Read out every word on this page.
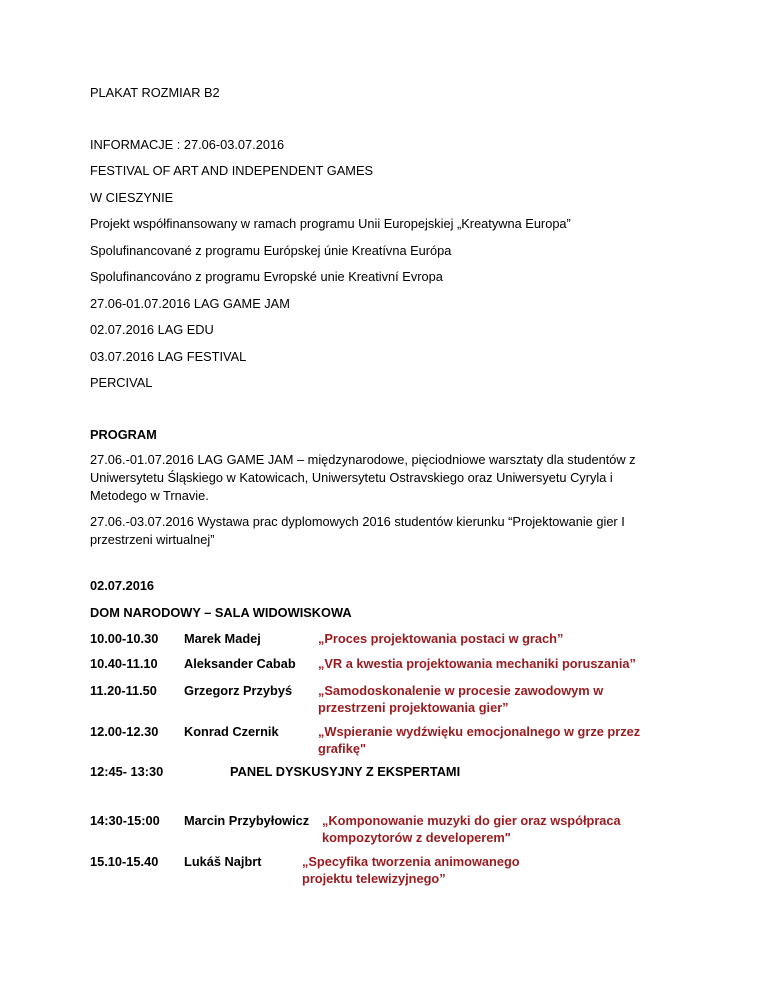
PLAKAT ROZMIAR B2
INFORMACJE : 27.06-03.07.2016
FESTIVAL OF ART AND INDEPENDENT GAMES
W CIESZYNIE
Projekt współfinansowany w ramach programu Unii Europejskiej „Kreatywna Europa”
Spolufinancované z programu Európskej únie Kreatívna Európa
Spolufinancováno z programu Evropské unie Kreativní Evropa
27.06-01.07.2016 LAG GAME JAM
02.07.2016 LAG EDU
03.07.2016 LAG FESTIVAL
PERCIVAL
PROGRAM
27.06.-01.07.2016 LAG GAME JAM – międzynarodowe, pięciodniowe warsztaty dla studentów z Uniwersytetu Śląskiego w Katowicach, Uniwersytetu Ostravskiego oraz Uniwersyetu Cyryla i Metodego w Trnavie.
27.06.-03.07.2016 Wystawa prac dyplomowych 2016 studentów kierunku “Projektowanie gier I przestrzeni wirtualnej”
02.07.2016
DOM NARODOWY – SALA WIDOWISKOWA
10.00-10.30 Marek Madej	„Proces projektowania postaci w grach”
10.40-11.10 Aleksander Cabab „VR a kwestia projektowania mechaniki poruszania”
11.20-11.50 Grzegorz Przybyś „Samodoskonalenie w procesie zawodowym w przestrzeni projektowania gier”
12.00-12.30 Konrad Czernik	„Wspieranie wydźwięku emocjonalnego w grze przez grafikę"
12:45- 13:30	PANEL DYSKUSYJNY Z EKSPERTAMI
14:30-15:00 Marcin Przybyłowicz „Komponowanie muzyki do gier oraz współpraca kompozytorów z developerem"
15.10-15.40 Lukáš Najbrt	„Specyfika tworzenia animowanego projektu telewizyjnego”
